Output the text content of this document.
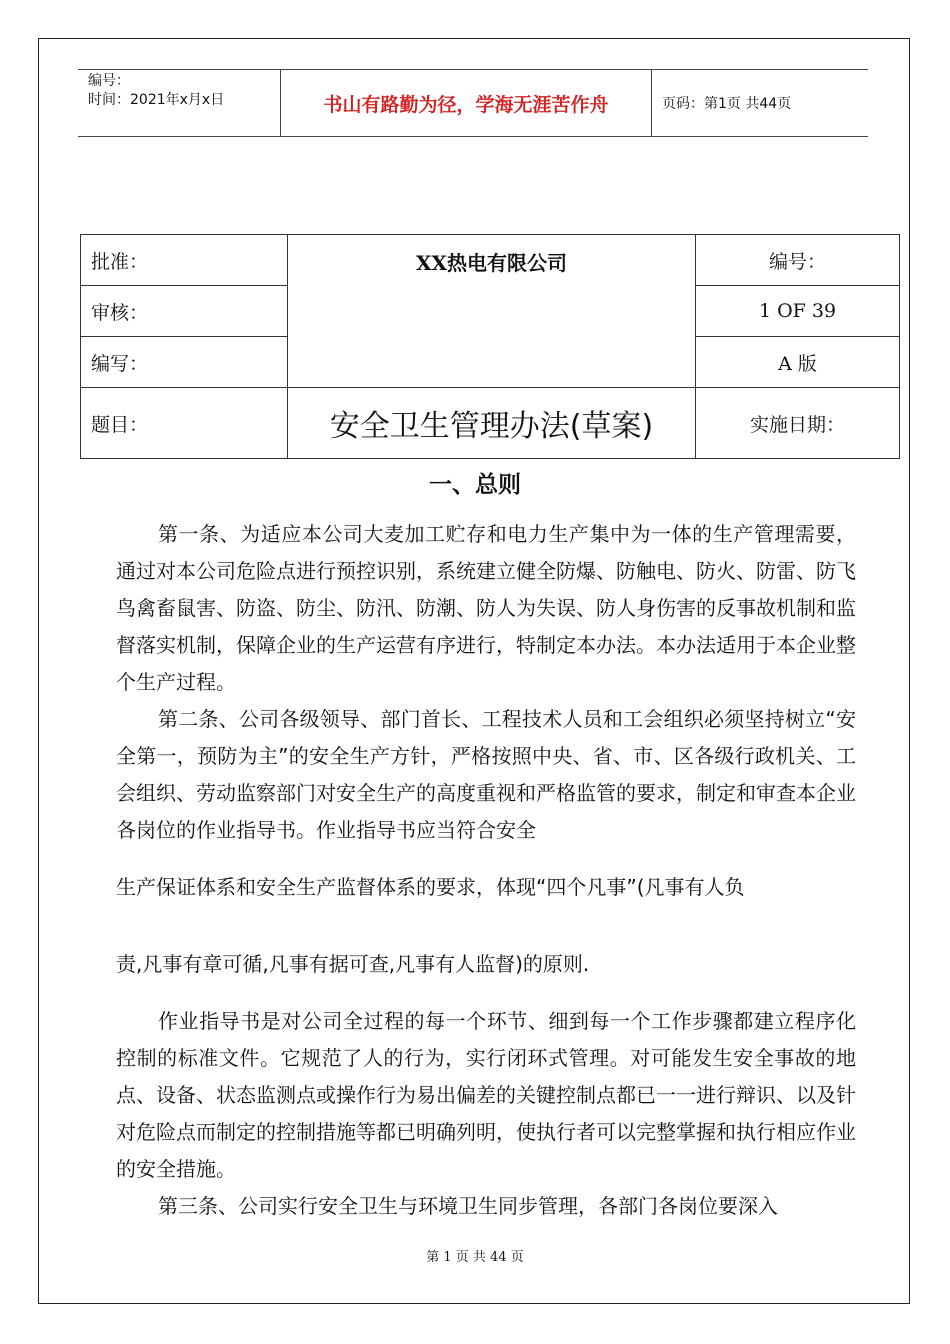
编号：
时间：2021年x月x日	书山有路勤为径，学海无涯苦作舟	页码：第1页 共44页
批准：	XX热电有限公司	编号：
审核：		1 OF 39
编写：		A 版
题目：	安全卫生管理办法(草案)	实施日期：
一、总则

第一条、为适应本公司大麦加工贮存和电力生产集中为一体的生产管理需要，通过对本公司危险点进行预控识别，系统建立健全防爆、防触电、防火、防雷、防飞鸟禽畜鼠害、防盗、防尘、防汛、防潮、防人为失误、防人身伤害的反事故机制和监督落实机制，保障企业的生产运营有序进行，特制定本办法。本办法适用于本企业整个生产过程。

第二条、公司各级领导、部门首长、工程技术人员和工会组织必须坚持树立“安全第一，预防为主”的安全生产方针，严格按照中央、省、市、区各级行政机关、工会组织、劳动监察部门对安全生产的高度重视和严格监管的要求，制定和审查本企业各岗位的作业指导书。作业指导书应当符合安全

生产保证体系和安全生产监督体系的要求，体现“四个凡事”(凡事有人负

责,凡事有章可循,凡事有据可查,凡事有人监督)的原则.

作业指导书是对公司全过程的每一个环节、细到每一个工作步骤都建立程序化控制的标准文件。它规范了人的行为，实行闭环式管理。对可能发生安全事故的地点、设备、状态监测点或操作行为易出偏差的关键控制点都已一一进行辩识、以及针对危险点而制定的控制措施等都已明确列明，使执行者可以完整掌握和执行相应作业的安全措施。

第三条、公司实行安全卫生与环境卫生同步管理，各部门各岗位要深入

第 1 页 共 44 页
